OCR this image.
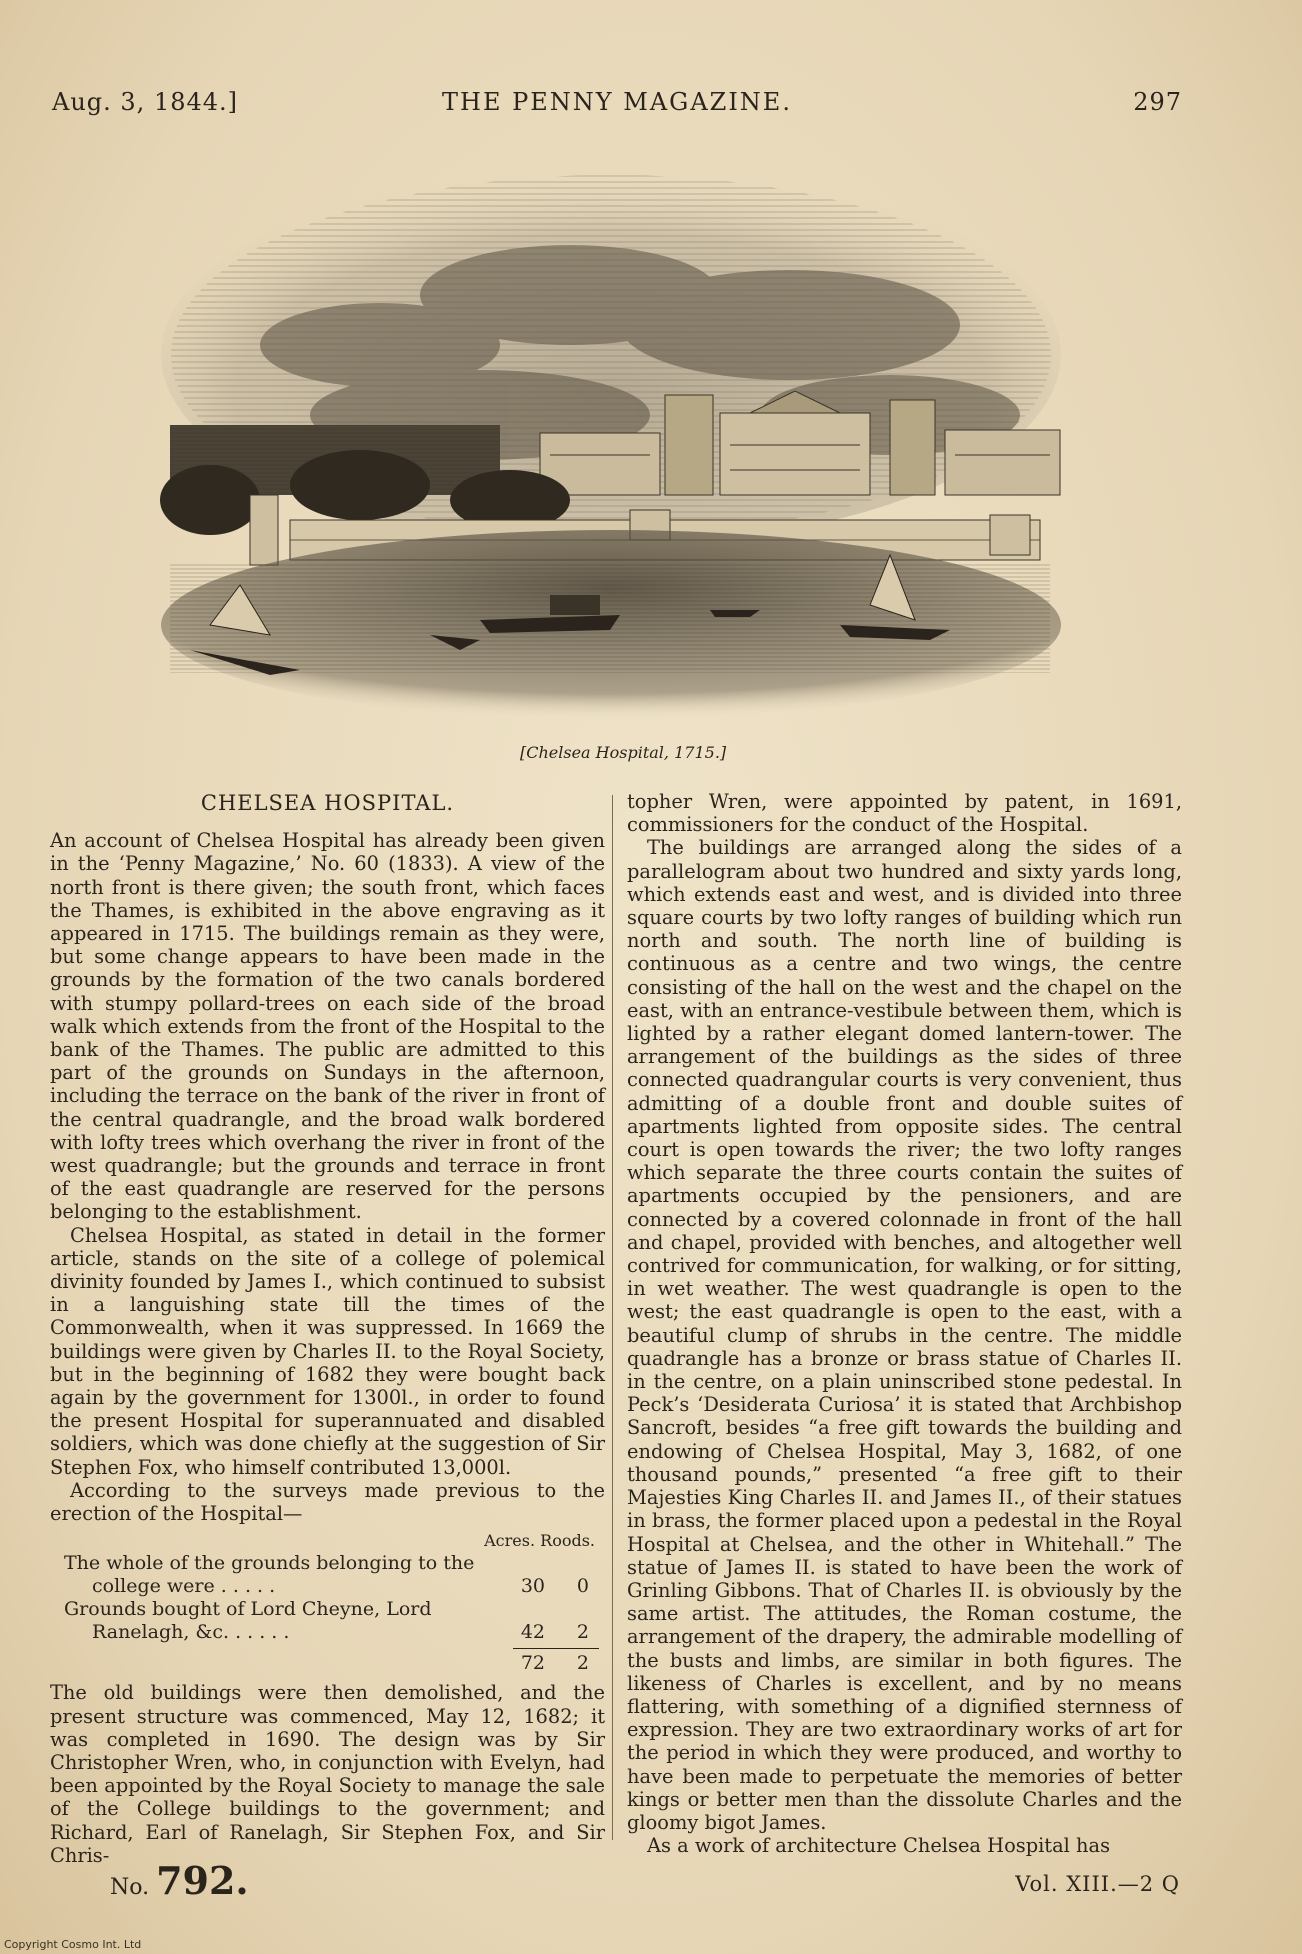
Aug. 3, 1844.]	THE PENNY MAGAZINE.	297
[Chelsea Hospital, 1715.]
CHELSEA HOSPITAL.

An account of Chelsea Hospital has already been given in the ‘Penny Magazine,’ No. 60 (1833). A view of the north front is there given; the south front, which faces the Thames, is exhibited in the above engraving as it appeared in 1715. The buildings remain as they were, but some change appears to have been made in the grounds by the formation of the two canals bordered with stumpy pollard-trees on each side of the broad walk which extends from the front of the Hospital to the bank of the Thames. The public are admitted to this part of the grounds on Sundays in the afternoon, including the terrace on the bank of the river in front of the central quadrangle, and the broad walk bordered with lofty trees which overhang the river in front of the west quadrangle; but the grounds and terrace in front of the east quadrangle are reserved for the persons belonging to the establishment.

Chelsea Hospital, as stated in detail in the former article, stands on the site of a college of polemical divinity founded by James I., which continued to subsist in a languishing state till the times of the Commonwealth, when it was suppressed. In 1669 the buildings were given by Charles II. to the Royal Society, but in the beginning of 1682 they were bought back again by the government for 1300l., in order to found the present Hospital for superannuated and disabled soldiers, which was done chiefly at the suggestion of Sir Stephen Fox, who himself contributed 13,000l.

According to the surveys made previous to the erection of the Hospital—

Acres. Roods.
The whole of the grounds belonging to the
college were . . . . .	30 0
Grounds bought of Lord Cheyne, Lord
Ranelagh, &c. . . . . .	42 2
72 2

The old buildings were then demolished, and the present structure was commenced, May 12, 1682; it was completed in 1690. The design was by Sir Christopher Wren, who, in conjunction with Evelyn, had been appointed by the Royal Society to manage the sale of the College buildings to the government; and Richard, Earl of Ranelagh, Sir Stephen Fox, and Sir Chris-

topher Wren, were appointed by patent, in 1691, commissioners for the conduct of the Hospital.

The buildings are arranged along the sides of a parallelogram about two hundred and sixty yards long, which extends east and west, and is divided into three square courts by two lofty ranges of building which run north and south. The north line of building is continuous as a centre and two wings, the centre consisting of the hall on the west and the chapel on the east, with an entrance-vestibule between them, which is lighted by a rather elegant domed lantern-tower. The arrangement of the buildings as the sides of three connected quadrangular courts is very convenient, thus admitting of a double front and double suites of apartments lighted from opposite sides. The central court is open towards the river; the two lofty ranges which separate the three courts contain the suites of apartments occupied by the pensioners, and are connected by a covered colonnade in front of the hall and chapel, provided with benches, and altogether well contrived for communication, for walking, or for sitting, in wet weather. The west quadrangle is open to the west; the east quadrangle is open to the east, with a beautiful clump of shrubs in the centre. The middle quadrangle has a bronze or brass statue of Charles II. in the centre, on a plain uninscribed stone pedestal. In Peck’s ‘Desiderata Curiosa’ it is stated that Archbishop Sancroft, besides “a free gift towards the building and endowing of Chelsea Hospital, May 3, 1682, of one thousand pounds,” presented “a free gift to their Majesties King Charles II. and James II., of their statues in brass, the former placed upon a pedestal in the Royal Hospital at Chelsea, and the other in Whitehall.” The statue of James II. is stated to have been the work of Grinling Gibbons. That of Charles II. is obviously by the same artist. The attitudes, the Roman costume, the arrangement of the drapery, the admirable modelling of the busts and limbs, are similar in both figures. The likeness of Charles is excellent, and by no means flattering, with something of a dignified sternness of expression. They are two extraordinary works of art for the period in which they were produced, and worthy to have been made to perpetuate the memories of better kings or better men than the dissolute Charles and the gloomy bigot James.

As a work of architecture Chelsea Hospital has

No. 792.	Vol. XIII.—2 Q
Copyright Cosmo Int. Ltd
